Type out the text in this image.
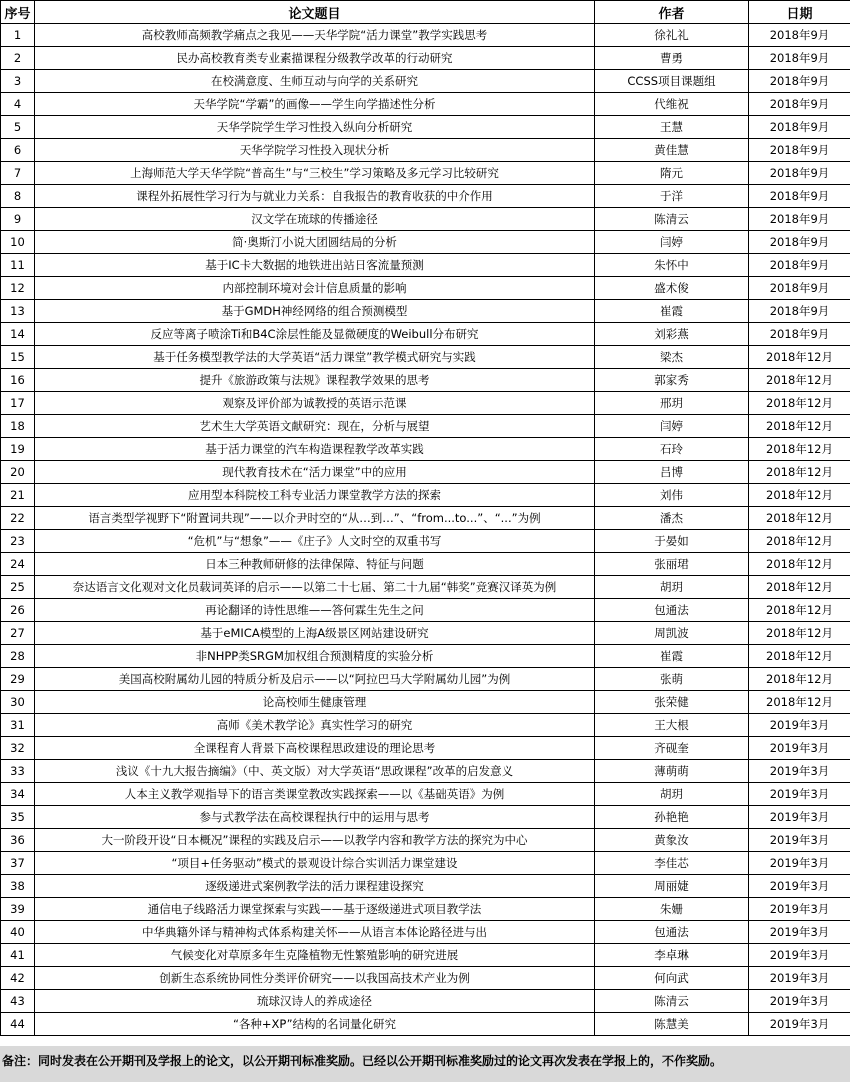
序号	论文题目	作者	日期
1	高校教师高频教学痛点之我见——天华学院“活力课堂”教学实践思考	徐礼礼	2018年9月
2	民办高校教育类专业素描课程分级教学改革的行动研究	曹勇	2018年9月
3	在校满意度、生师互动与向学的关系研究	CCSS项目课题组	2018年9月
4	天华学院“学霸”的画像——学生向学描述性分析	代维祝	2018年9月
5	天华学院学生学习性投入纵向分析研究	王慧	2018年9月
6	天华学院学习性投入现状分析	黄佳慧	2018年9月
7	上海师范大学天华学院“普高生”与“三校生”学习策略及多元学习比较研究	隋元	2018年9月
8	课程外拓展性学习行为与就业力关系：自我报告的教育收获的中介作用	于洋	2018年9月
9	汉文学在琉球的传播途径	陈清云	2018年9月
10	简·奥斯汀小说大团圆结局的分析	闫婷	2018年9月
11	基于IC卡大数据的地铁进出站日客流量预测	朱怀中	2018年9月
12	内部控制环境对会计信息质量的影响	盛术俊	2018年9月
13	基于GMDH神经网络的组合预测模型	崔霞	2018年9月
14	反应等离子喷涂Ti和B4C涂层性能及显微硬度的Weibull分布研究	刘彩燕	2018年9月
15	基于任务模型教学法的大学英语“活力课堂”教学模式研究与实践	梁杰	2018年12月
16	提升《旅游政策与法规》课程教学效果的思考	郭家秀	2018年12月
17	观察及评价部为诚教授的英语示范课	邢玥	2018年12月
18	艺术生大学英语文献研究：现在，分析与展望	闫婷	2018年12月
19	基于活力课堂的汽车构造课程教学改革实践	石玲	2018年12月
20	现代教育技术在“活力课堂”中的应用	吕博	2018年12月
21	应用型本科院校工科专业活力课堂教学方法的探索	刘伟	2018年12月
22	语言类型学视野下“附置词共现”——以介尹时空的“从…到…”、“from...to...”、“...”为例	潘杰	2018年12月
23	“危机”与“想象”——《庄子》人文时空的双重书写	于晏如	2018年12月
24	日本三种教师研修的法律保障、特征与问题	张丽珺	2018年12月
25	奈达语言文化观对文化员载词英译的启示——以第二十七届、第二十九届“韩奖”竞赛汉译英为例	胡玥	2018年12月
26	再论翻译的诗性思维——答何霖生先生之问	包通法	2018年12月
27	基于eMICA模型的上海A级景区网站建设研究	周凯波	2018年12月
28	非NHPP类SRGM加权组合预测精度的实验分析	崔霞	2018年12月
29	美国高校附属幼儿园的特质分析及启示——以“阿拉巴马大学附属幼儿园”为例	张萌	2018年12月
30	论高校师生健康管理	张荣健	2018年12月
31	高师《美术教学论》真实性学习的研究	王大根	2019年3月
32	全课程育人背景下高校课程思政建设的理论思考	齐砚奎	2019年3月
33	浅议《十九大报告摘编》（中、英文版）对大学英语“思政课程”改革的启发意义	薄萌萌	2019年3月
34	人本主义教学观指导下的语言类课堂教改实践探索——以《基础英语》为例	胡玥	2019年3月
35	参与式教学法在高校课程执行中的运用与思考	孙艳艳	2019年3月
36	大一阶段开设“日本概况”课程的实践及启示——以教学内容和教学方法的探究为中心	黄象汝	2019年3月
37	“项目+任务驱动”模式的景观设计综合实训活力课堂建设	李佳芯	2019年3月
38	逐级递进式案例教学法的活力课程建设探究	周丽婕	2019年3月
39	通信电子线路活力课堂探索与实践——基于逐级递进式项目教学法	朱姗	2019年3月
40	中华典籍外译与精神构式体系构建关怀——从语言本体论路径进与出	包通法	2019年3月
41	气候变化对草原多年生克隆植物无性繁殖影响的研究进展	李卓琳	2019年3月
42	创新生态系统协同性分类评价研究——以我国高技术产业为例	何向武	2019年3月
43	琉球汉诗人的养成途径	陈清云	2019年3月
44	“各种+XP”结构的名词量化研究	陈慧美	2019年3月
备注：同时发表在公开期刊及学报上的论文，以公开期刊标准奖励。已经以公开期刊标准奖励过的论文再次发表在学报上的，不作奖励。
